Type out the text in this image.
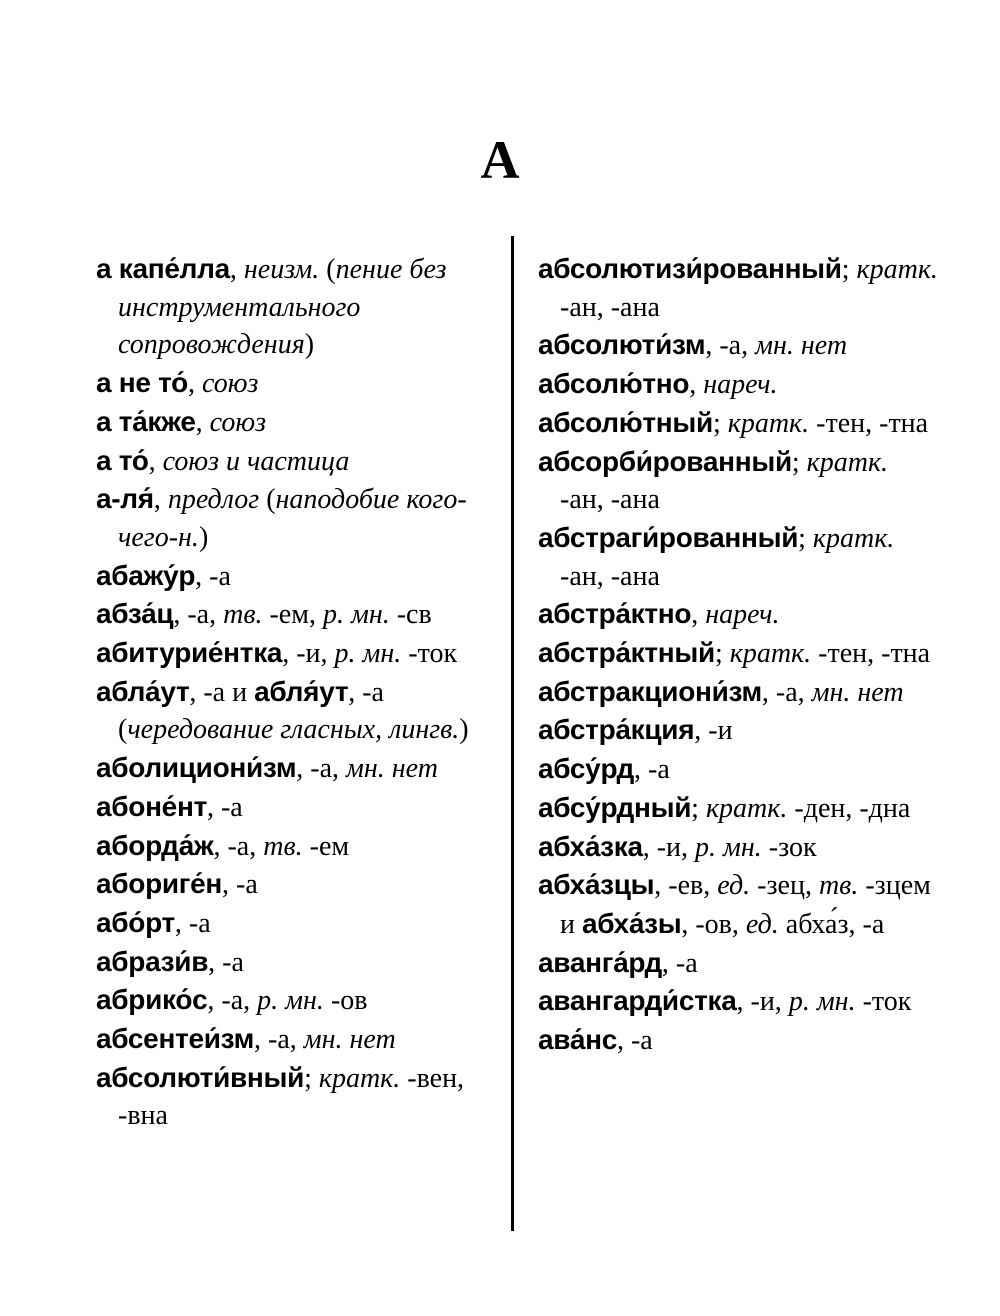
А
а капе́лла, неизм. (пение без инструментального сопровождения)
а не то́, союз
а та́кже, союз
а то́, союз и частица
а-ля́, предлог (наподобие кого-чего-н.)
абажу́р, -а
абза́ц, -а, тв. -ем, р. мн. -св
абитурие́нтка, -и, р. мн. -ток
абла́ут, -а и абля́ут, -а (чередование гласных, лингв.)
аболициони́зм, -а, мн. нет
абоне́нт, -а
аборда́ж, -а, тв. -ем
абориге́н, -а
або́рт, -а
абрази́в, -а
абрико́с, -а, р. мн. -ов
абсентеи́зм, -а, мн. нет
абсолюти́вный; кратк. -вен, -вна
абсолютизи́рованный; кратк. -ан, -ана
абсолюти́зм, -а, мн. нет
абсолю́тно, нареч.
абсолю́тный; кратк. -тен, -тна
абсорби́рованный; кратк. -ан, -ана
абстраги́рованный; кратк. -ан, -ана
абстра́ктно, нареч.
абстра́ктный; кратк. -тен, -тна
абстракциони́зм, -а, мн. нет
абстра́кция, -и
абсу́рд, -а
абсу́рдный; кратк. -ден, -дна
абха́зка, -и, р. мн. -зок
абха́зцы, -ев, ед. -зец, тв. -зцем и абха́зы, -ов, ед. абха́з, -а
аванга́рд, -а
авангарди́стка, -и, р. мн. -ток
ава́нс, -а
